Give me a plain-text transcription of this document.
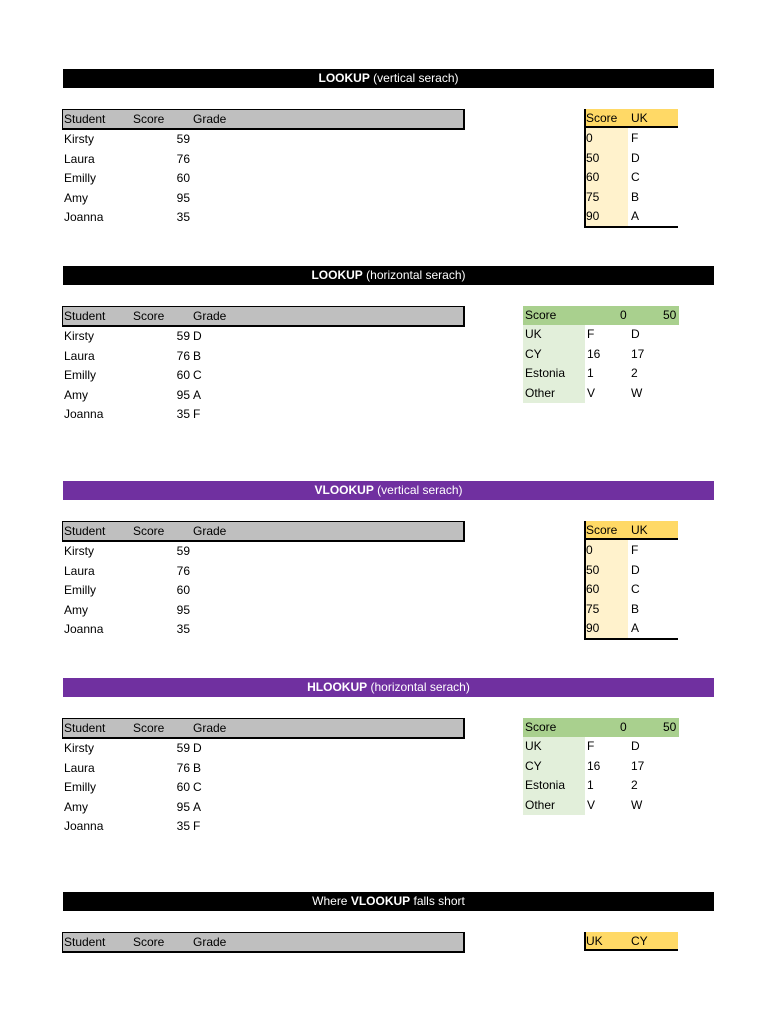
LOOKUP (vertical serach)
Student Score Grade
Kirsty	59
Laura	76
Emilly	60
Amy	95
Joanna	35
Score UK
0	F
50	D
60	C
75	B
90	A
LOOKUP (horizontal serach)
Student Score Grade
Kirsty	59 D
Laura	76 B
Emilly	60 C
Amy	95 A
Joanna	35 F
Score	0	50
UK	F	D
CY	16	17
Estonia 1	2
Other	V	W
VLOOKUP (vertical serach)
Student Score Grade
Kirsty	59
Laura	76
Emilly	60
Amy	95
Joanna	35
Score UK
0	F
50	D
60	C
75	B
90	A
HLOOKUP (horizontal serach)
Student Score Grade
Kirsty	59 D
Laura	76 B
Emilly	60 C
Amy	95 A
Joanna	35 F
Score	0	50
UK	F	D
CY	16	17
Estonia 1	2
Other	V	W
Where VLOOKUP falls short
Student Score Grade	UK CY
